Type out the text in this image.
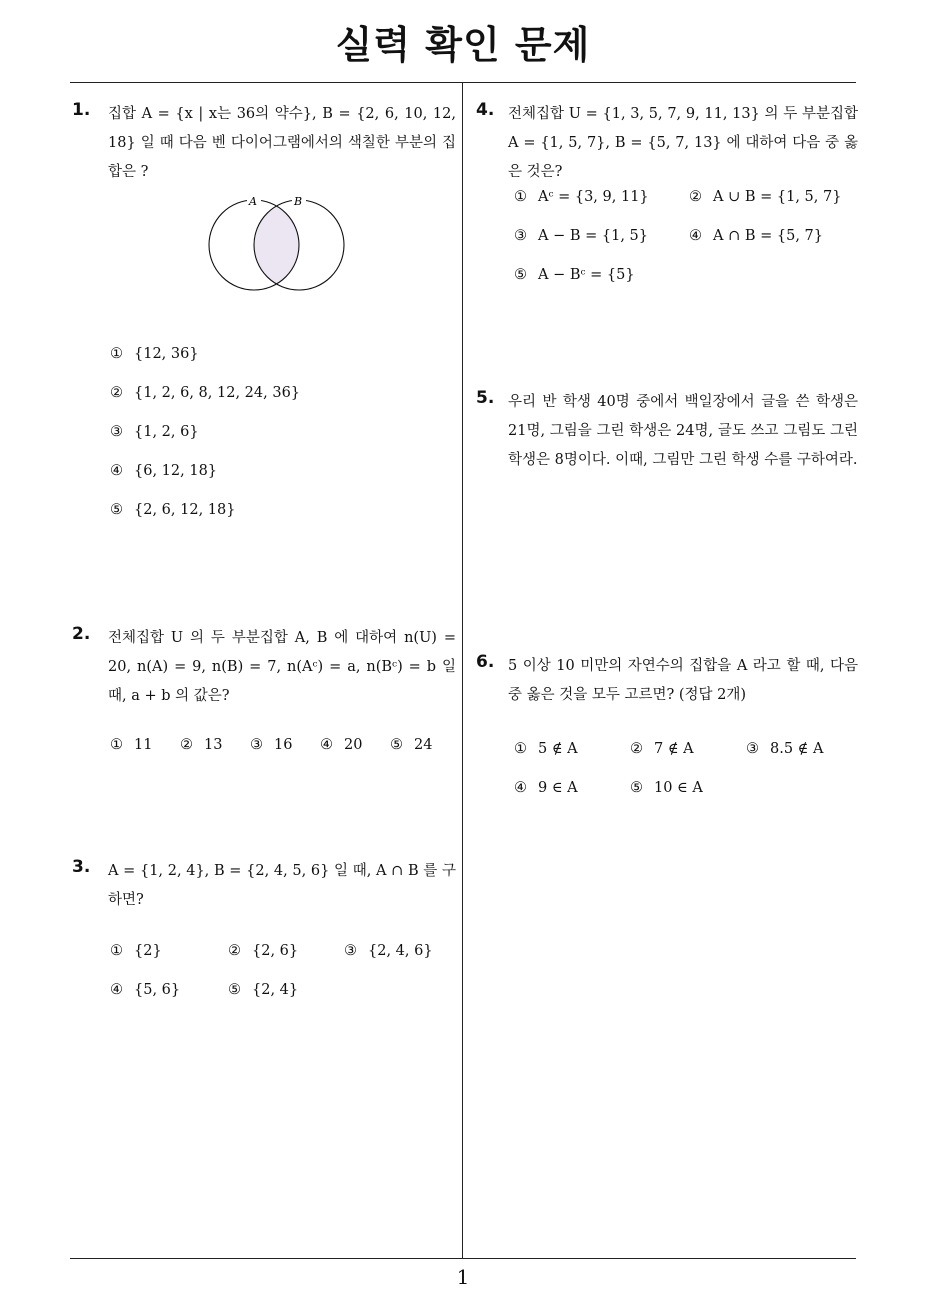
실력 확인 문제
1
1. 집합 A = {x | x는 36의 약수}, B = {2, 6, 10, 12, 18} 일 때 다음 벤 다이어그램에서의 색칠한 부분의 집합은 ?
A	B
① {12, 36}
② {1, 2, 6, 8, 12, 24, 36}
③ {1, 2, 6}
④ {6, 12, 18}
⑤ {2, 6, 12, 18}
2. 전체집합 U 의 두 부분집합 A, B 에 대하여 n(U) = 20, n(A) = 9, n(B) = 7, n(Aᶜ) = a, n(Bᶜ) = b 일 때, a + b 의 값은?
① 11 ② 13 ③ 16 ④ 20 ⑤ 24
3. A = {1, 2, 4}, B = {2, 4, 5, 6} 일 때, A ∩ B 를 구하면?
① {2}	② {2, 6}	③ {2, 4, 6}
④ {5, 6}	⑤ {2, 4}
4. 전체집합 U = {1, 3, 5, 7, 9, 11, 13} 의 두 부분집합 A = {1, 5, 7}, B = {5, 7, 13} 에 대하여 다음 중 옳은 것은?
① Aᶜ = {3, 9, 11}	② A ∪ B = {1, 5, 7}
③ A − B = {1, 5}	④ A ∩ B = {5, 7}
⑤ A − Bᶜ = {5}
5. 우리 반 학생 40명 중에서 백일장에서 글을 쓴 학생은 21명, 그림을 그린 학생은 24명, 글도 쓰고 그림도 그린 학생은 8명이다. 이때, 그림만 그린 학생 수를 구하여라.
6. 5 이상 10 미만의 자연수의 집합을 A 라고 할 때, 다음 중 옳은 것을 모두 고르면? (정답 2개)
① 5 ∉ A	② 7 ∉ A	③ 8.5 ∉ A
④ 9 ∈ A	⑤ 10 ∈ A
